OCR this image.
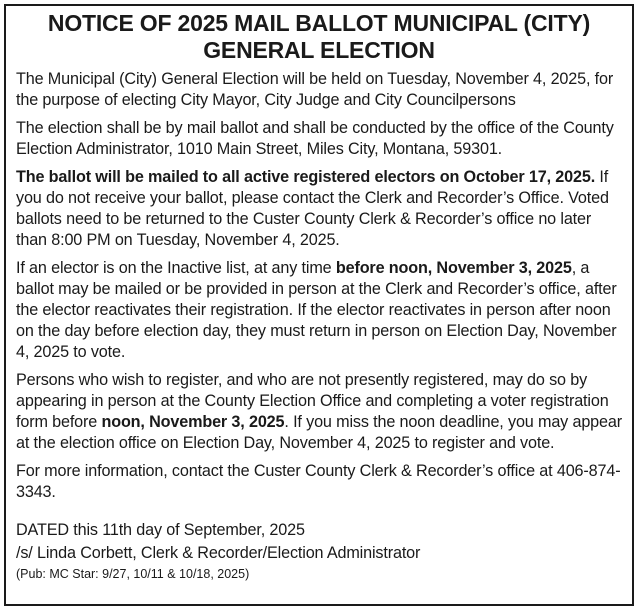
NOTICE OF 2025 MAIL BALLOT MUNICIPAL (CITY)
GENERAL ELECTION

The Municipal (City) General Election will be held on Tuesday, November 4, 2025, for the purpose of electing City Mayor, City Judge and City Councilpersons

The election shall be by mail ballot and shall be conducted by the office of the County Election Administrator, 1010 Main Street, Miles City, Montana, 59301.

The ballot will be mailed to all active registered electors on October 17, 2025. If you do not receive your ballot, please contact the Clerk and Recorder’s Office. Voted ballots need to be returned to the Custer County Clerk & Recorder’s office no later than 8:00 PM on Tuesday, November 4, 2025.

If an elector is on the Inactive list, at any time before noon, November 3, 2025, a ballot may be mailed or be provided in person at the Clerk and Recorder’s office, after the elector reactivates their registration. If the elector reactivates in person after noon on the day before election day, they must return in person on Election Day, November 4, 2025 to vote.

Persons who wish to register, and who are not presently registered, may do so by appearing in person at the County Election Office and completing a voter registration form before noon, November 3, 2025. If you miss the noon deadline, you may appear at the election office on Election Day, November 4, 2025 to register and vote.

For more information, contact the Custer County Clerk & Recorder’s office at 406-874-3343.

DATED this 11th day of September, 2025

/s/ Linda Corbett, Clerk & Recorder/Election Administrator

(Pub: MC Star: 9/27, 10/11 & 10/18, 2025)
